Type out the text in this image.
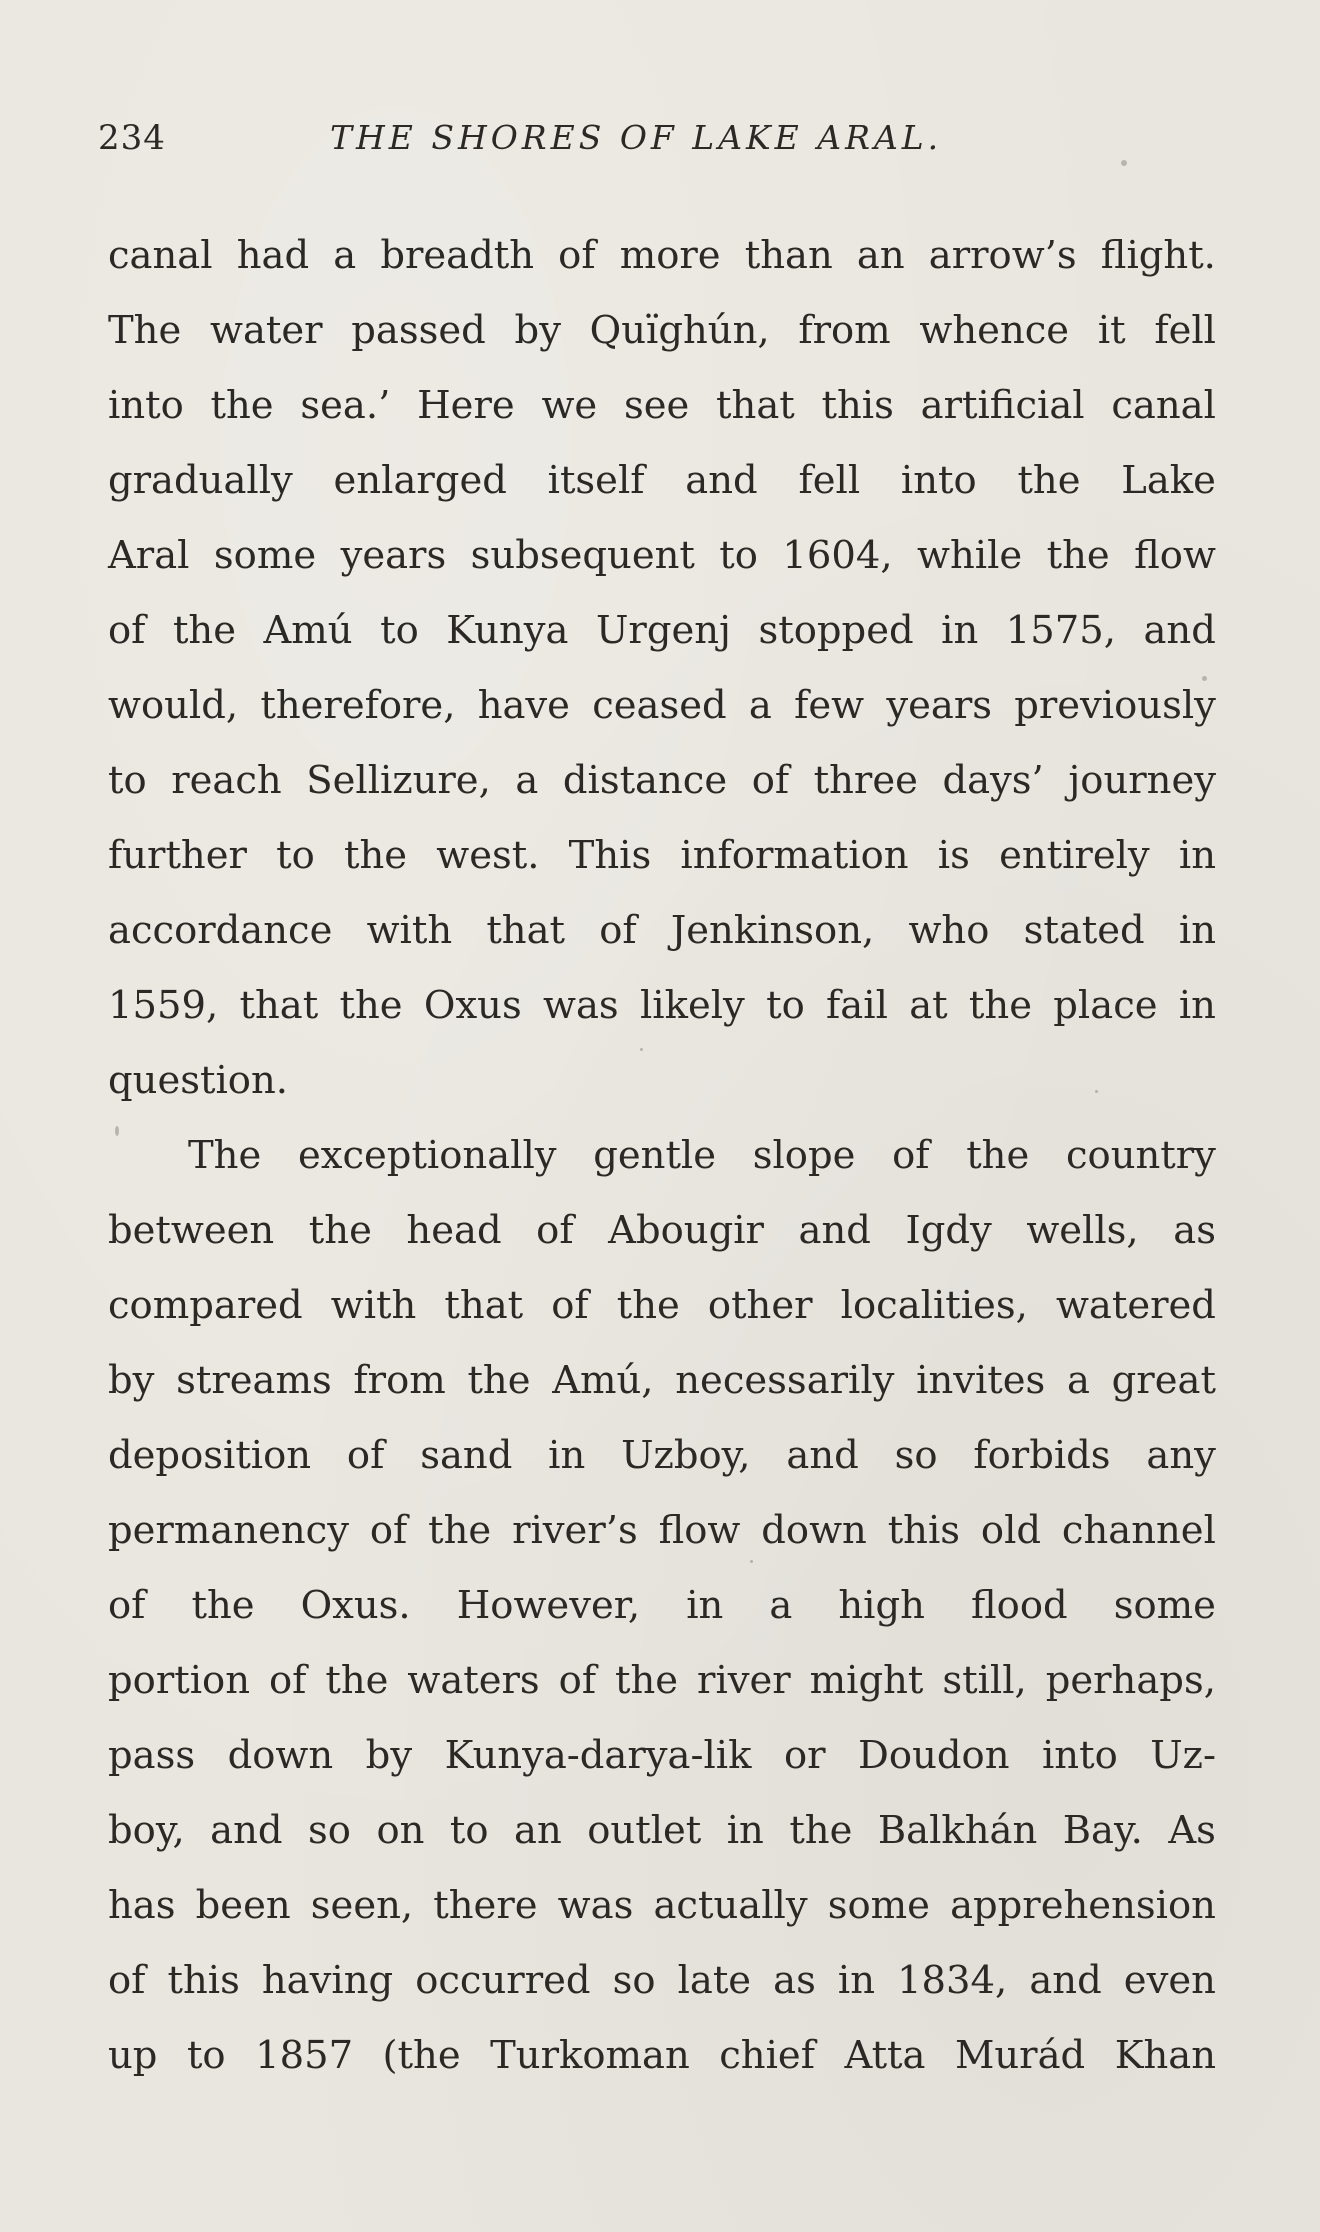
234	THE SHORES OF LAKE ARAL.
canal had a breadth of more than an arrow’s flight.
The water passed by Quïghún, from whence it fell
into the sea.’ Here we see that this artificial canal
gradually enlarged itself and fell into the Lake
Aral some years subsequent to 1604, while the flow
of the Amú to Kunya Urgenj stopped in 1575, and
would, therefore, have ceased a few years previously
to reach Sellizure, a distance of three days’ journey
further to the west. This information is entirely in
accordance with that of Jenkinson, who stated in
1559, that the Oxus was likely to fail at the place in
question.
The exceptionally gentle slope of the country
between the head of Abougir and Igdy wells, as
compared with that of the other localities, watered
by streams from the Amú, necessarily invites a great
deposition of sand in Uzboy, and so forbids any
permanency of the river’s flow down this old channel
of the Oxus. However, in a high flood some
portion of the waters of the river might still, perhaps,
pass down by Kunya-darya-lik or Doudon into Uz-
boy, and so on to an outlet in the Balkhán Bay. As
has been seen, there was actually some apprehension
of this having occurred so late as in 1834, and even
up to 1857 (the Turkoman chief Atta Murád Khan
